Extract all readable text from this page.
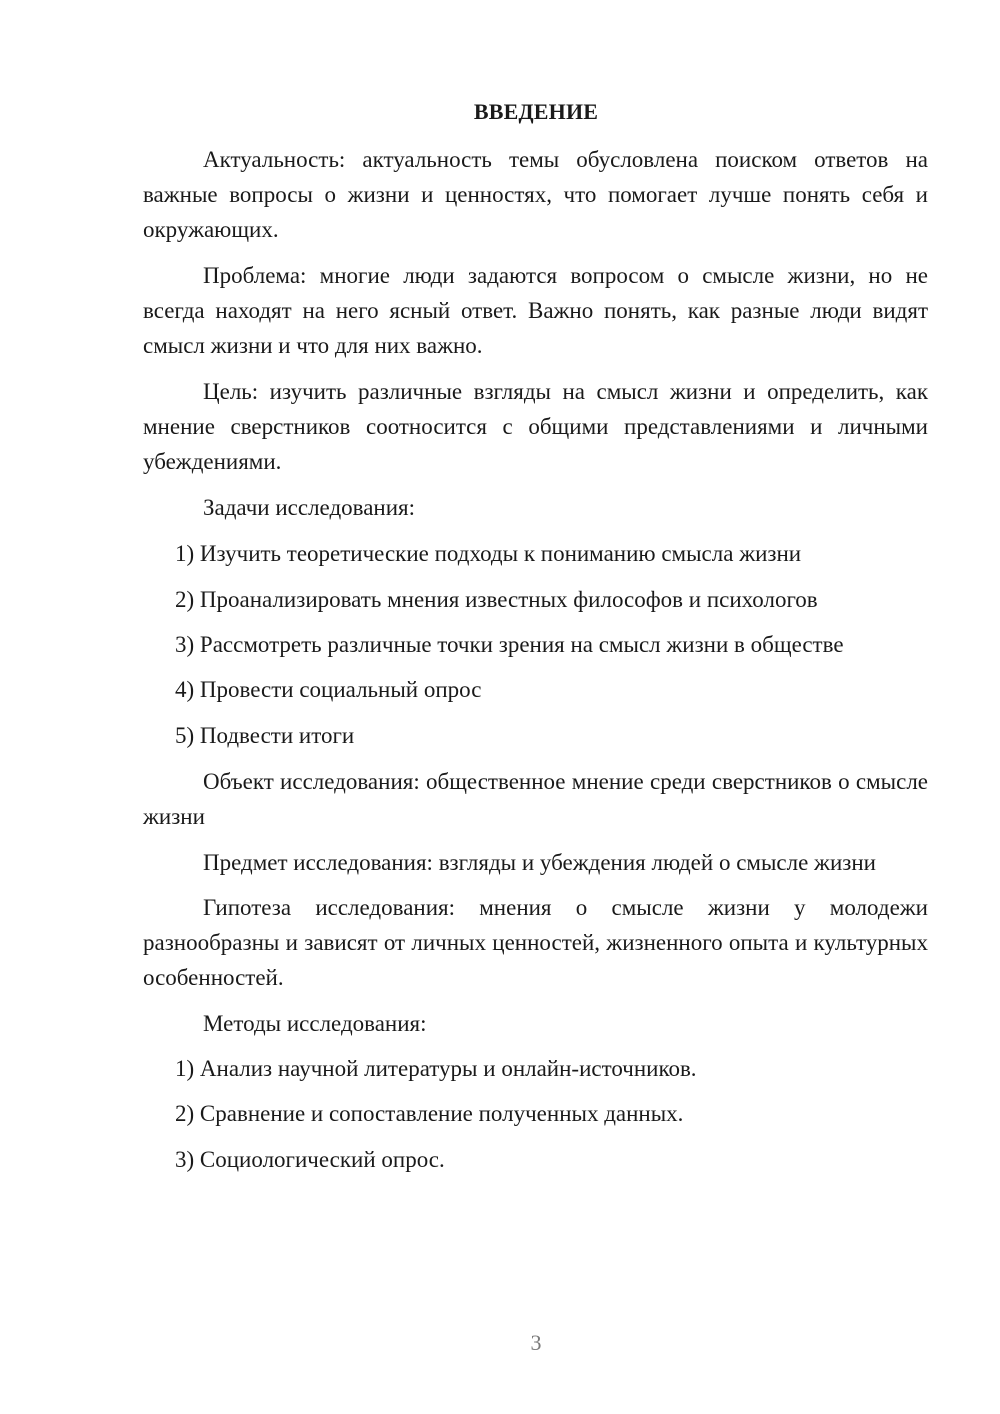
ВВЕДЕНИЕ

Актуальность: актуальность темы обусловлена поиском ответов на важные вопросы о жизни и ценностях, что помогает лучше понять себя и окружающих.

Проблема: многие люди задаются вопросом о смысле жизни, но не всегда находят на него ясный ответ. Важно понять, как разные люди видят смысл жизни и что для них важно.

Цель: изучить различные взгляды на смысл жизни и определить, как мнение сверстников соотносится с общими представлениями и личными убеждениями.

Задачи исследования:

1) Изучить теоретические подходы к пониманию смысла жизни

2) Проанализировать мнения известных философов и психологов

3) Рассмотреть различные точки зрения на смысл жизни в обществе

4) Провести социальный опрос

5) Подвести итоги

Объект исследования: общественное мнение среди сверстников о смысле жизни

Предмет исследования: взгляды и убеждения людей о смысле жизни

Гипотеза исследования: мнения о смысле жизни у молодежи разнообразны и зависят от личных ценностей, жизненного опыта и культурных особенностей.

Методы исследования:

1) Анализ научной литературы и онлайн-источников.

2) Сравнение и сопоставление полученных данных.

3) Социологический опрос.

3
